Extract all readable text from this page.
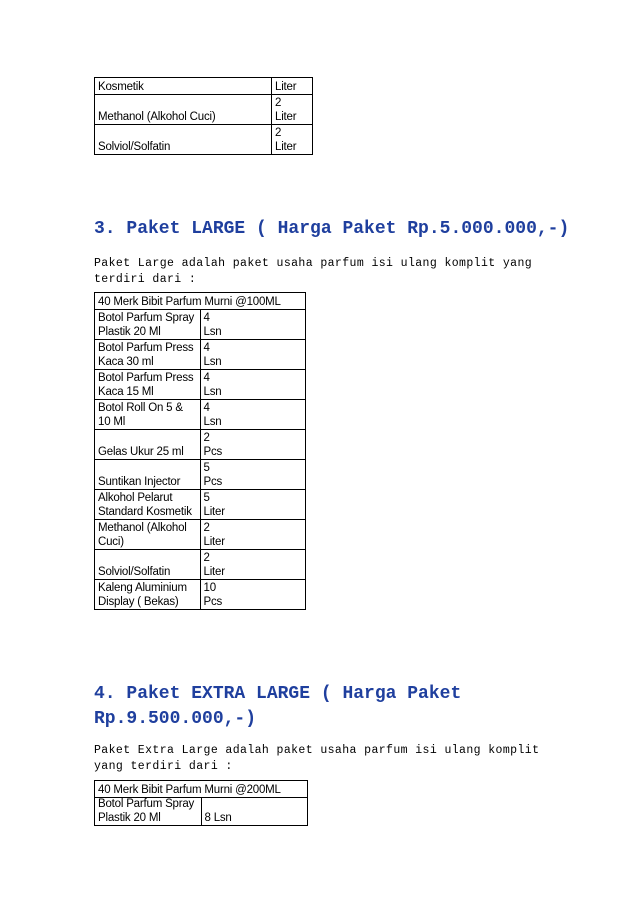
Kosmetik	Liter
Methanol (Alkohol Cuci)	2
Liter
Solviol/Solfatin	2
Liter
3. Paket LARGE ( Harga Paket Rp.5.000.000,-)

Paket Large adalah paket usaha parfum isi ulang komplit yang terdiri dari :

40 Merk Bibit Parfum Murni @100ML	
Botol Parfum Spray Plastik 20 Ml	4
Lsn
Botol Parfum Press Kaca 30 ml	4
Lsn
Botol Parfum Press Kaca 15 Ml	4
Lsn
Botol Roll On 5 & 10 Ml	4
Lsn
Gelas Ukur 25 ml	2
Pcs
Suntikan Injector	5
Pcs
Alkohol Pelarut Standard Kosmetik	5
Liter
Methanol (Alkohol Cuci)	2
Liter
Solviol/Solfatin	2
Liter
Kaleng Aluminium Display ( Bekas)	10
Pcs
4. Paket EXTRA LARGE ( Harga Paket
Rp.9.500.000,-)

Paket Extra Large adalah paket usaha parfum isi ulang komplit yang terdiri dari :

40 Merk Bibit Parfum Murni @200ML
Botol Parfum Spray Plastik 20 Ml	8 Lsn
